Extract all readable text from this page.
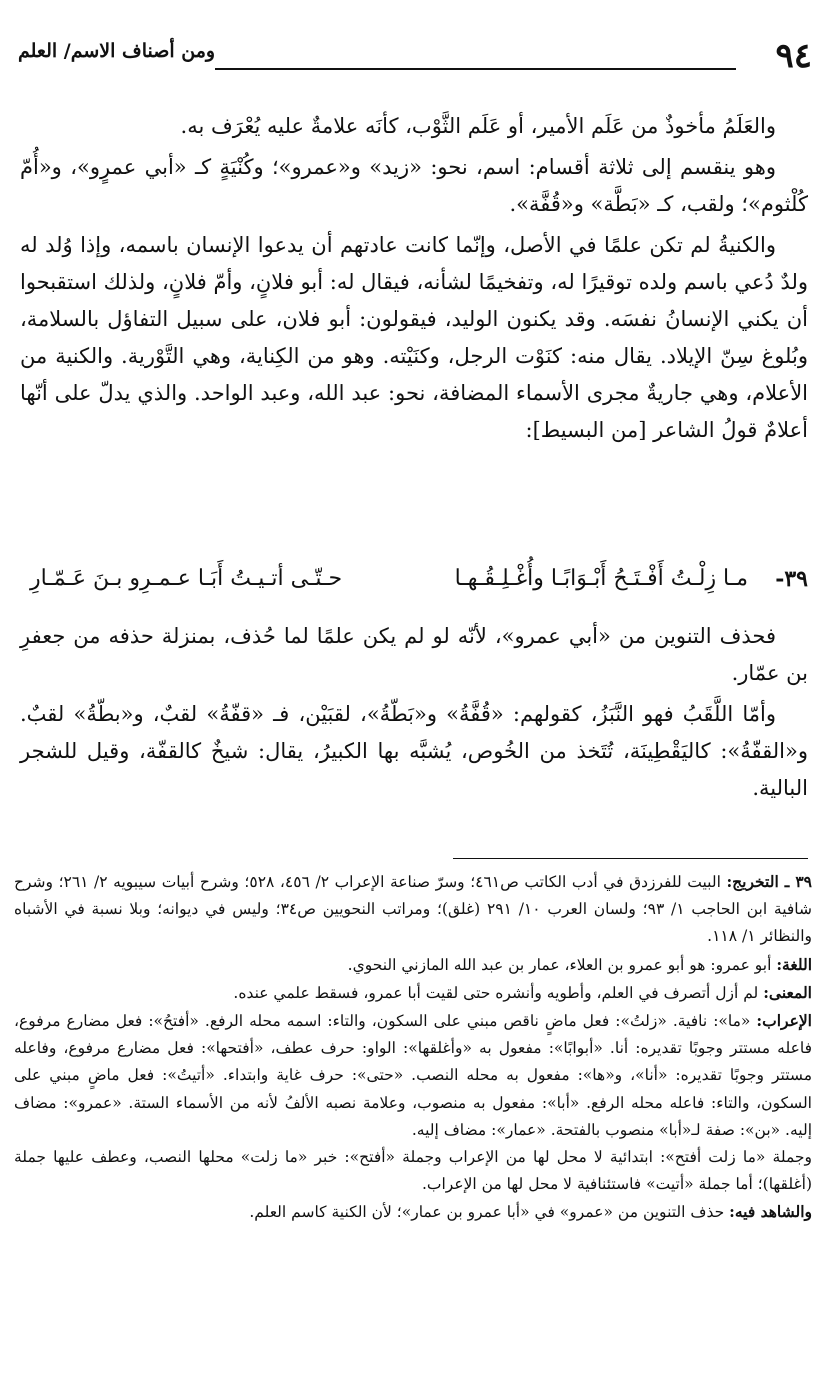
٩٤
ومن أصناف الاسم/ العلم

والعَلَمُ مأخوذٌ من عَلَم الأمير، أو عَلَم الثَّوْب، كأنَه علامةٌ عليه يُعْرَف به.

وهو ينقسم إلى ثلاثة أقسام: اسم، نحو: «زيد» و«عمرو»؛ وكُنْيَةٍ كـ «أبي عمرٍو»، و«أُمّ كُلْثوم»؛ ولقب، كـ «بَطَّة» و«قُفَّة».

والكنيةُ لم تكن علمًا في الأصل، وإنّما كانت عادتهم أن يدعوا الإنسان باسمه، وإذا وُلد له ولدٌ دُعي باسم ولده توقيرًا له، وتفخيمًا لشأنه، فيقال له: أبو فلانٍ، وأمّ فلانٍ، ولذلك استقبحوا أن يكني الإنسانُ نفسَه. وقد يكنون الوليد، فيقولون: أبو فلان، على سبيل التفاؤل بالسلامة، وبُلوغ سِنّ الإيلاد. يقال منه: كنَوْت الرجل، وكنَيْته. وهو من الكِناية، وهي التَّوْرية. والكنية من الأعلام، وهي جاريةٌ مجرى الأسماء المضافة، نحو: عبد الله، وعبد الواحد. والذي يدلّ على أنّها أعلامٌ قولُ الشاعر [من البسيط]:

٣٩-
مـا زِلْـتُ أَفْـتَـحُ أَبْـوَابًـا وأُغْـلِـقُـهـا
حـتّـى أتـيـتُ أَبَـا عـمـرِو بـنَ عَـمّـارِ

فحذف التنوين من «أبي عمرو»، لأنّه لو لم يكن علمًا لما حُذف، بمنزلة حذفه من جعفرِ بن عمّار.

وأمّا اللَّقَبُ فهو النَّبَزُ، كقولهم: «قُفَّةُ» و«بَطّةُ»، لقبَيْن، فـ «قفّةُ» لقبٌ، و«بطّةُ» لقبٌ. و«القفّةُ»: كاليَقْطِينَة، تُتَخذ من الخُوص، يُشبَّه بها الكبيرُ، يقال: شيخٌ كالقفّة، وقيل للشجر البالية.

٣٩ ـ التخريج: البيت للفرزدق في أدب الكاتب ص٤٦١؛ وسرّ صناعة الإعراب ٢/ ٤٥٦، ٥٢٨؛ وشرح أبيات سيبويه ٢/ ٢٦١؛ وشرح شافية ابن الحاجب ١/ ٩٣؛ ولسان العرب ١٠/ ٢٩١ (غلق)؛ ومراتب النحويين ص٣٤؛ وليس في ديوانه؛ وبلا نسبة في الأشباه والنظائر ١/ ١١٨.

اللغة: أبو عمرو: هو أبو عمرو بن العلاء، عمار بن عبد الله المازني النحوي.

المعنى: لم أزل أتصرف في العلم، وأطويه وأنشره حتى لقيت أبا عمرو، فسقط علمي عنده.

الإعراب: «ما»: نافية. «زلتُ»: فعل ماضٍ ناقص مبني على السكون، والتاء: اسمه محله الرفع. «أفتحُ»: فعل مضارع مرفوع، فاعله مستتر وجوبًا تقديره: أنا. «أبوابًا»: مفعول به «وأغلقها»: الواو: حرف عطف، «أفتحها»: فعل مضارع مرفوع، وفاعله مستتر وجوبًا تقديره: «أنا»، و«ها»: مفعول به محله النصب. «حتى»: حرف غاية وابتداء. «أتيتُ»: فعل ماضٍ مبني على السكون، والتاء: فاعله محله الرفع. «أبا»: مفعول به منصوب، وعلامة نصبه الألفُ لأنه من الأسماء الستة. «عمرو»: مضاف إليه. «بن»: صفة لـ«أبا» منصوب بالفتحة. «عمار»: مضاف إليه.

وجملة «ما زلت أفتح»: ابتدائية لا محل لها من الإعراب وجملة «أفتح»: خبر «ما زلت» محلها النصب، وعطف عليها جملة (أغلقها)؛ أما جملة «أتيت» فاستئنافية لا محل لها من الإعراب.

والشاهد فيه: حذف التنوين من «عمرو» في «أبا عمرو بن عمار»؛ لأن الكنية كاسم العلم.
